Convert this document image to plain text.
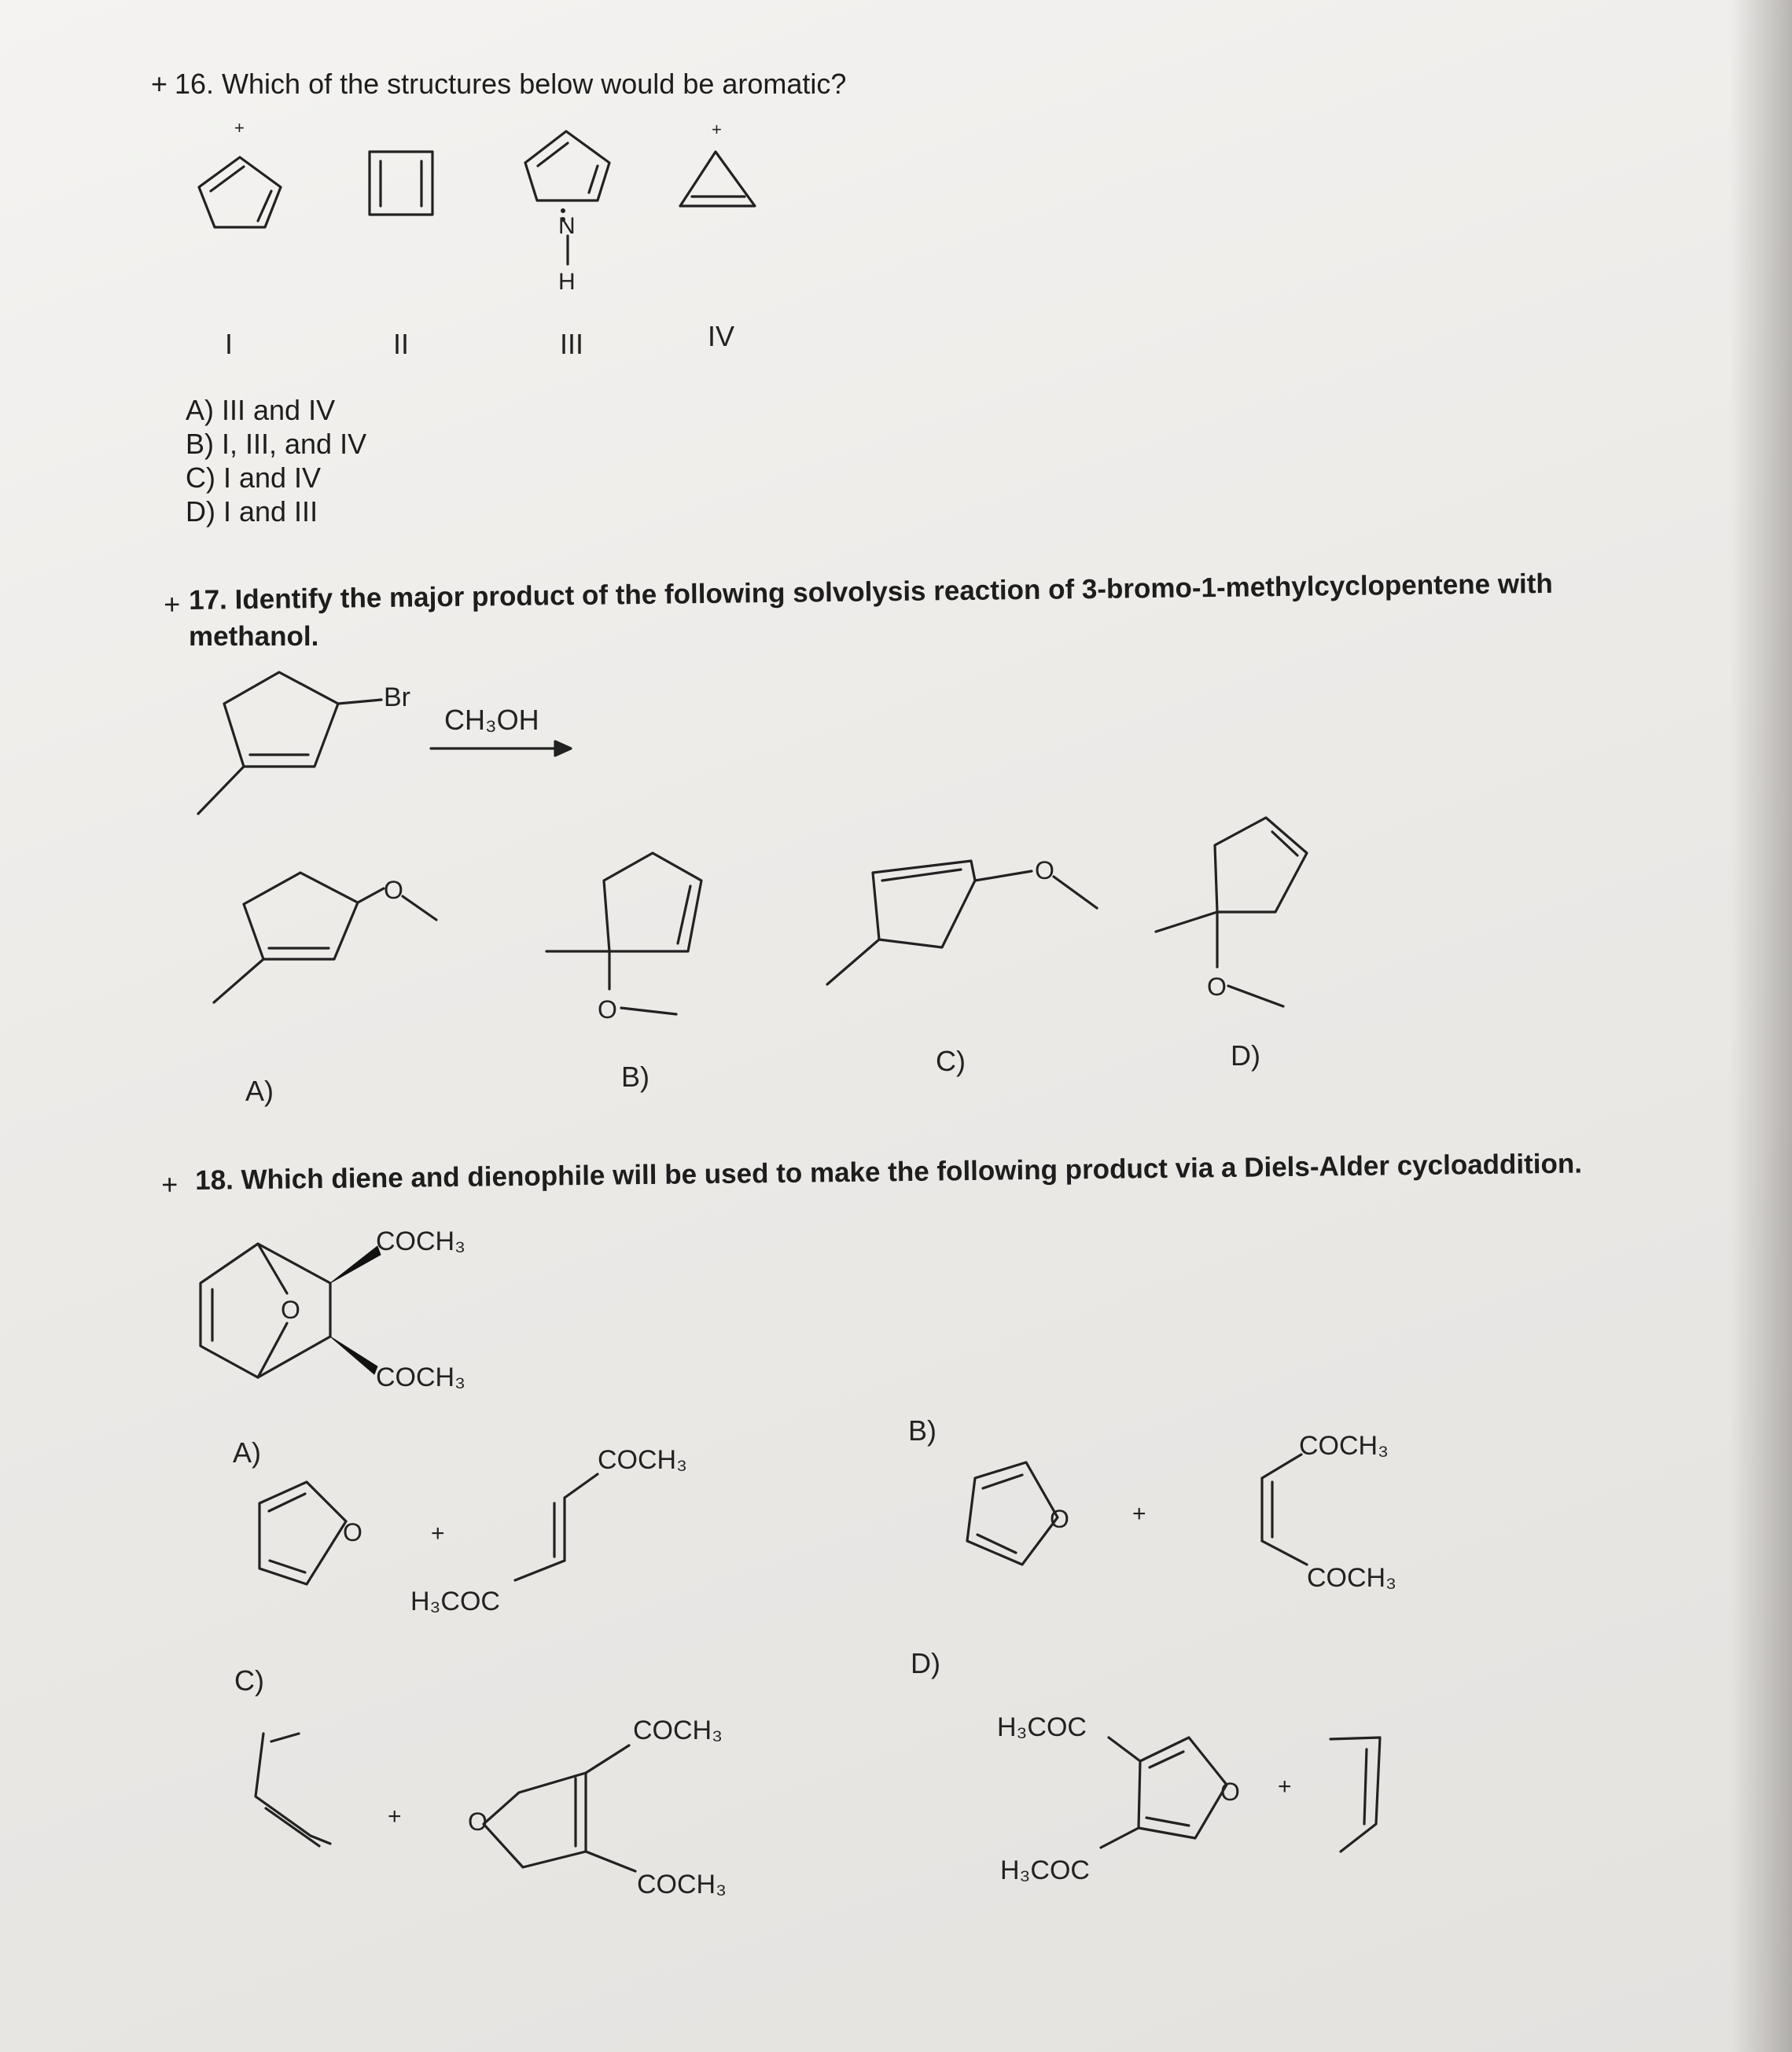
+ 16. Which of the structures below would be aromatic?
+
N
H
+
I	II	III	IV
A) III and IV
B) I, III, and IV
C) I and IV
D) I and III
+ 17. Identify the major product of the following solvolysis reaction of 3-bromo-1-methylcyclopentene with
methanol.
Br
CH₃OH
O
O
O
O
A)	B)	C)	D)
+ 18. Which diene and dienophile will be used to make the following product via a Diels-Alder cycloaddition.
O
COCH₃
COCH₃
A)
B)
C)
D)
O	+
COCH₃
H₃COC
O	+
COCH₃
COCH₃
+	O
COCH₃
COCH₃
O
H₃COC
H₃COC
+
